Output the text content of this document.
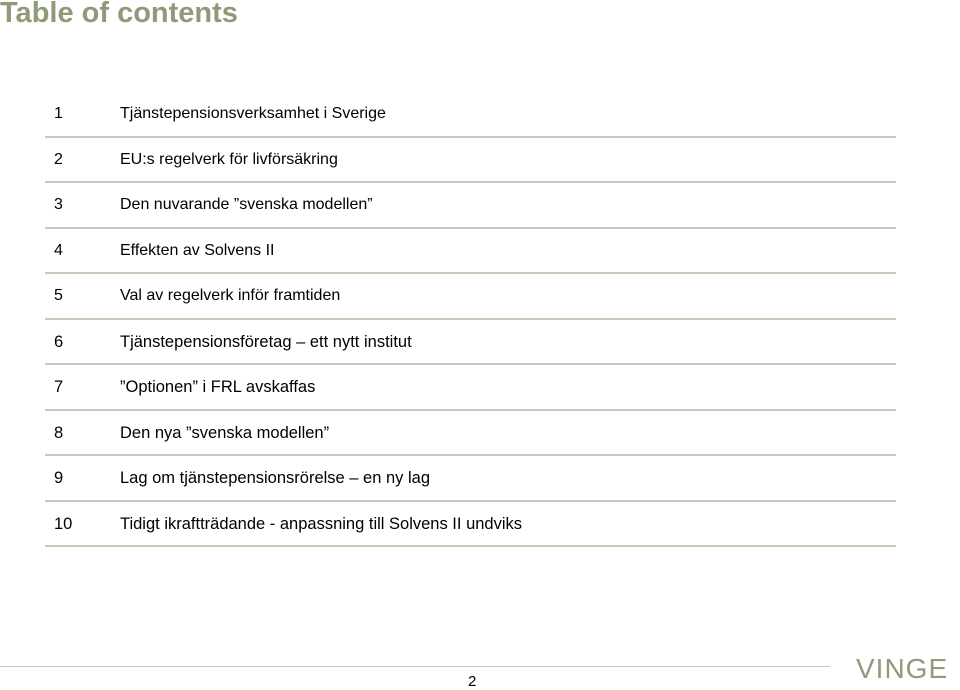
Table of contents
1	Tjänstepensionsverksamhet i Sverige
2	EU:s regelverk för livförsäkring
3	Den nuvarande ”svenska modellen”
4	Effekten av Solvens II
5	Val av regelverk inför framtiden
6	Tjänstepensionsföretag – ett nytt institut
7	”Optionen” i FRL avskaffas
8	Den nya ”svenska modellen”
9	Lag om tjänstepensionsrörelse – en ny lag
10	Tidigt ikraftträdande - anpassning till Solvens II undviks
2	VINGE
